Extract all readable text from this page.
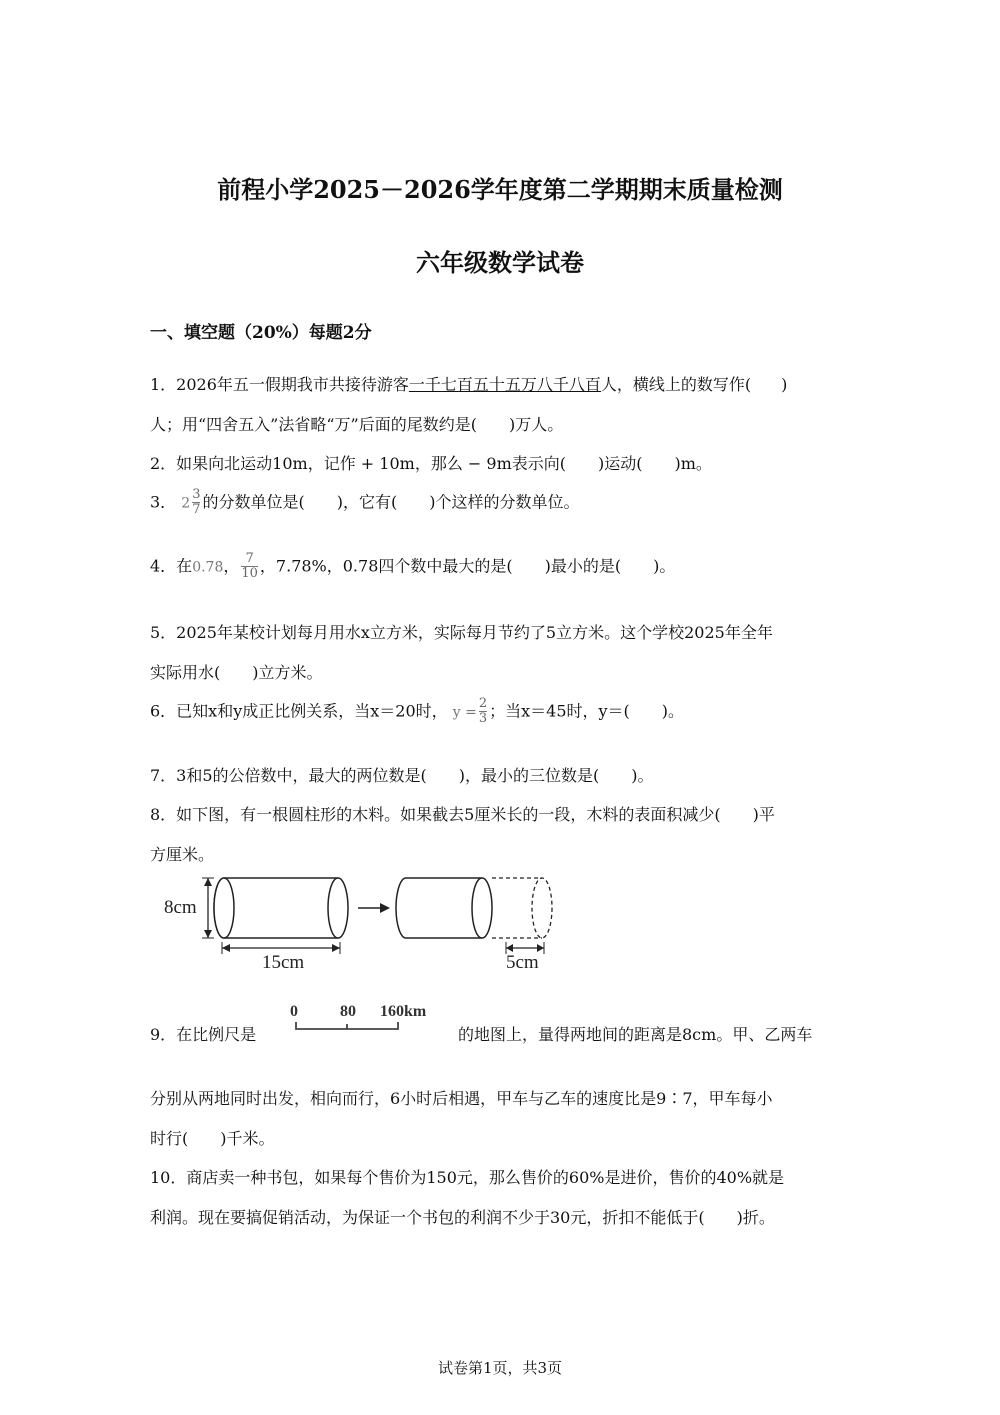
前程小学2025－2026学年度第二学期期末质量检测
六年级数学试卷
一、填空题（20%）每题2分
1．2026年五一假期我市共接待游客一千七百五十五万八千八百人，横线上的数写作( )
人；用“四舍五入”法省略“万”后面的尾数约是(　　)万人。
2．如果向北运动10m，记作 + 10m，那么 − 9m表示向(　　)运动(　　)m。
3． $2 \frac{3}{7}$ 的分数单位是(　　)，它有(　　)个这样的分数单位。
4．在0.7̇8̇， $\frac{7}{10}$ ，7.78%，0.78四个数中最大的是(　　)最小的是(　　)。
5．2025年某校计划每月用水x立方米，实际每月节约了5立方米。这个学校2025年全年
实际用水(　　)立方米。
6．已知x和y成正比例关系，当x＝20时， $y = \frac{2}{3}$ ；当x＝45时，y＝(　　)。
7．3和5的公倍数中，最大的两位数是(　　)，最小的三位数是(　　)。
8．如下图，有一根圆柱形的木料。如果截去5厘米长的一段，木料的表面积减少(　　)平
方厘米。
8cm
15cm	5cm
9．在比例尺是
0	80 160km
的地图上，量得两地间的距离是8cm。甲、乙两车
分别从两地同时出发，相向而行，6小时后相遇，甲车与乙车的速度比是9∶7，甲车每小
时行(　　)千米。
10．商店卖一种书包，如果每个售价为150元，那么售价的60%是进价，售价的40%就是
利润。现在要搞促销活动，为保证一个书包的利润不少于30元，折扣不能低于(　　)折。
试卷第1页，共3页
